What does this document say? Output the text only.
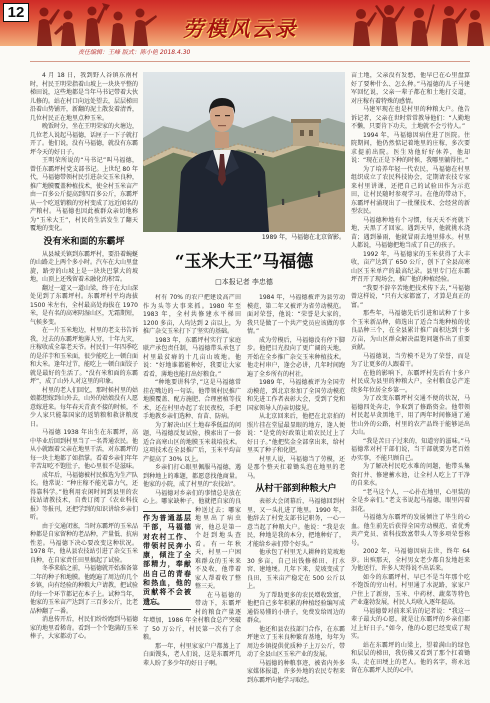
12
劳模风云录
责任编辑：王峰 版式：陈小艳 2018.4.30

4 月 18 日，我到野人谷镇东南村时，村民王明荣指着山坡上一块块平整的梯田说，这些地都是当年马书记带着大伙儿修的。站在村口向远处望去，层层梯田沿着山势铺开，新翻的泥土散发着清香，几位村民正在地里点种玉米。

晚饭时分，坐在王明荣家的火塘边，几位老人说起马福德，话匣子一下子就打开了。他们说，没有马福德，就没有东霸坪今天的好日子。

王明荣所说的“马书记”叫马福德，曾任东霸坪村党支部书记。上世纪 80 年代，马福德带领村民引进杂交玉米良种，推广地膜覆盖种植技术，使全村玉米亩产由一百多公斤提高到四百多公斤，东霸坪从一个吃返销粮的穷村变成了远近闻名的产粮村。马福德也因此被群众亲切地称为“玉米大王”，村民的生活发生了翻天覆地的变化。

没有米和面的东霸坪

从县城关镇到东霸坪村，要沿着蜿蜒的山路走上两个多小时。汽车在大山里盘旋，路旁的山坡上是一块块巴掌大的坡地，山顶上还残留着未融化的积雪。

翻过一道又一道山梁，终于在大山深处见到了东霸坪村。东霸坪村平均海拔 1500 米左右，全村最高处海拔在 1970 米，是有名的高寒阴湿山区，无霜期短，气候多变。

在一片玉米地边，村里的老支书告诉我，过去的东霸坪地薄人穷，十年九灾，庄稼收成全靠老天爷。村民们一年四季吃的是洋芋和玉米面，很少能吃上一顿白面和大米。逢年过节，能吃上一顿白面饺子就是最好的生活了。“没有米和面的东霸坪”，成了山外人对这里的印象。

村里的老人们回忆，那时候村里的姑娘都想嫁到山外去，山外的姑娘没有人愿意嫁进来。每年春天青黄不接的时候，不少人家只能靠国家的返销粮和救济粮度日。

马福德 1938 年出生在东霸坪，高中毕业后回到村里当了一名普通农民。他从小就跟着父亲在地里干活，对东霸坪的每一块土地都了如指掌。看着乡亲们年年辛苦却吃不饱肚子，他心里很不是滋味。

成年后，马福德被村民推选为生产队长。他常说：“种庄稼不能光靠力气，还得靠科学。”他利用农闲时间到县里的农技站请教技术，自费订阅了《农业科技报》等报刊，还把学到的知识讲给乡亲们听。

由于交通闭塞，当时东霸坪的玉米品种都是自家留种的老品种，产量低、抗病性差。马福德下决心要改变这种状况。1978 年，他从县农技站引进了杂交玉米良种，在自家责任田里搞起了试验。

冬季来临之前，马福德就开始准备第二年的种子和地膜。他跑遍了周边的几个乡镇，向有经验的种粮大户请教，把试验的每一个环节都记在本子上。试种当年，他家的玉米亩产达到了三百多公斤，比老品种翻了一番。

消息传开后，村民们纷纷跑到马福德家的地里看稀奇。看到一个个饱满的玉米棒子，大家都动了心。

1989 年，马福德在北京留影。
“玉米大王”马福德
□本报记者 李忠德
作为普通基层干部，马福德对农村工作、带领村民奔小康，倾注了全部精力，奉献出自己的青春和热血，他的贡献将不会被遗忘。

村有 70% 的农户把建设高产田作为头等大事来抓。1980 年至 1983 年，全村共修建水平梯田 1200 多亩，人均达到 2 亩以上，为推广杂交玉米打下了坚实的基础。

1983 年，东霸坪村实行了家庭联产承包责任制，马福德带头承包了村里最贫瘠的十几亩山坡地。他说：“好地谁都能种好，我要让大家看看，薄地也能打出好粮食。”

“种地要讲科学，”这是马福德常挂在嘴边的一句话。他带领村民推广地膜覆盖、配方施肥、合理密植等技术，还在村里办起了农民夜校，手把手地教乡亲们选种、育苗、防病。

为了解决山区土地春季低温的问题，马福德反复试验，摸索出了一套适合高寒山区的地膜玉米栽培技术。这项技术在全县推广后，玉米平均亩产提高了 30% 以上。

乡亲们打心眼里佩服马福德，遇到种地上的难题，都愿意找他商量。他家的小院，成了村里的“农技站”。

马福德对乡亲们的事情总是放在心上。哪家缺种子，他就把自家的良种送过去；哪家地里出了病虫害，他总是第一个赶到地头查看。有一年秋天，村里一户困难群众的玉米来不及收，他带着家人帮着收了整整三天。

在马福德的带动下，东霸坪村的粮食产量逐年增加，1986 年全村粮食总产突破了 50 万公斤，村民第一次有了余粮。

那一年，村里家家户户都蒸上了白面馒头，老人们说，这是东霸坪几辈人盼了多少年的好日子啊。

1984 年，马福德被评为县劳动模范，第二年又被评为省劳动模范。面对荣誉，他说：“荣誉是大家的，我只是做了一个共产党员应该做的事情。”

成为劳模后，马福德没有停下脚步。他把目光投向了更广阔的天地，开始在全乡推广杂交玉米种植技术。他走村串户，逢会必讲，几年时间跑遍了全乡所有的村社。

1989 年，马福德被评为全国劳动模范，到北京参加了全国劳动模范和先进工作者表彰大会，受到了党和国家领导人的亲切接见。

从北京回来后，他把在北京拍的照片挂在堂屋最显眼的地方，逢人便说：“是党的好政策让咱农民过上了好日子。”他把奖金全部拿出来，给村里买了种子和化肥。

村里人说，马福德当了劳模，还是那个整天扛着锄头泡在地里的老马。

从村干部到种粮大户

表彰大会闭幕后，马福德回到村里，又一头扎进了地里。1990 年，他辞去了村党支部书记职务，一心一意当起了种粮大户。他说：“我是农民，种地是我的本分，把地种好了，才能给乡亲们带个好头。”

他承包了村里无人耕种的荒坡地 30 多亩，自己出钱修梯田、打水窖、建地埂。几年下来，荒坡变成了良田，玉米亩产稳定在 500 公斤以上。

为了帮助更多的农民增收致富，他把自己多年积累的种植经验编写成通俗易懂的小册子，免费发给周边的群众。

他还和县农技部门合作，在东霸坪建立了玉米良种繁育基地，每年为周边乡镇提供优质种子上万公斤，带动了全县山区玉米产业的发展。

马福德的种粮事迹，被省内外多家媒体报道，许多外地的农民专程来到东霸坪向他学习取经。

亩土地，父亲没有发愁，他早已在心里盘算好了要种什么、怎么种。”马福德的儿子马建军回忆说，父亲一辈子都在和土地打交道，对庄稼有着特殊的感情。

马建军现在也是村里的种粮大户。他告诉记者，父亲在世时常常教导他们：“人勤地不懒，只要肯下功夫，土地就不会亏待人。”

1994 年，马福德因病住进了医院。住院期间，他仍然惦记着地里的庄稼，多次要求提前出院。医生劝他好好休养，他却说：“现在正是下种的时候，我哪里躺得住。”

为了培养年轻一代农民，马福德在村里组织成立了农民科技协会，定期请农技专家来村里讲课，还把自己的试验田作为示范田，让村民随时参观学习。在他的带动下，东霸坪村涌现出了一批懂技术、会经营的新型农民。

马福德种地有个习惯，每天天不亮就下地，天黑了才回家。遇到天旱，他就挑水浇苗；遇到暴雨，他就冒雨去地里排水。村里人都说，马福德把地当成了自己的孩子。

1992 年，马福德家的玉米获得了大丰收，亩产达到了 650 公斤，创下了全县高寒山区玉米单产的最高纪录。县里专门在东霸坪召开了现场会，推广他的种植经验。

“我要不辞辛苦地把技术传下去，”马福德曾这样说，“只有大家都富了，才算是真正的富。”

那些年，马福德先后引进和试种了十多个玉米新品种，筛选出了适合当地种植的优良品种三个，在全县累计推广面积达到十多万亩，为山区群众解决温饱问题作出了重要贡献。

马福德说，当劳模不是为了荣誉，而是为了让更多的人跟着干。

在他的影响下，东霸坪村先后有十多户村民成为县里的种粮大户，全村粮食总产连续多年位居全乡第一。

为了改变东霸坪村交通不便的状况，马福德四处奔走，争取到了修路资金。他带领村民起早贪黑地干，用了两年时间修通了通往山外的公路，村里的农产品终于能够运出大山。

“我是苦日子过来的，知道穷的滋味。”马福德常对村干部们说，当干部就要为老百姓办实事，不能只顾自己。

为了解决村民吃水难的问题，他带头集资打井、修建蓄水池，让全村人吃上了干净的自来水。

“老马这个人，一心扑在地里，心里装的全是乡亲们。”老支书说起马福德，眼里闪着泪花。

马福德为东霸坪的发展倾注了毕生的心血。他生前先后获得全国劳动模范、省优秀共产党员、省科技致富带头人等多项荣誉称号。

2002 年，马福德因病去世，终年 64 岁。出殡那天，全村男女老少都自发地赶来为他送行，许多人哭得说不出话来。

如今的东霸坪村，早已不是当年那个吃不饱饭的穷山村。村里通了水泥路，家家户户住上了新房，玉米、中药材、蔬菜等特色产业蓬勃发展，村民人均收入逐年提高。

马福德曾对前来采访的记者说：“我这一辈子最大的心愿，就是让东霸坪的乡亲们都过上好日子。”如今，他的心愿已经变成了现实。

站在东霸坪的山梁上，望着满山的绿色和层层的梯田，我仿佛又看到了那个扛着锄头、走在田埂上的老人。他的名字，将永远留在东霸坪人民的心中。
